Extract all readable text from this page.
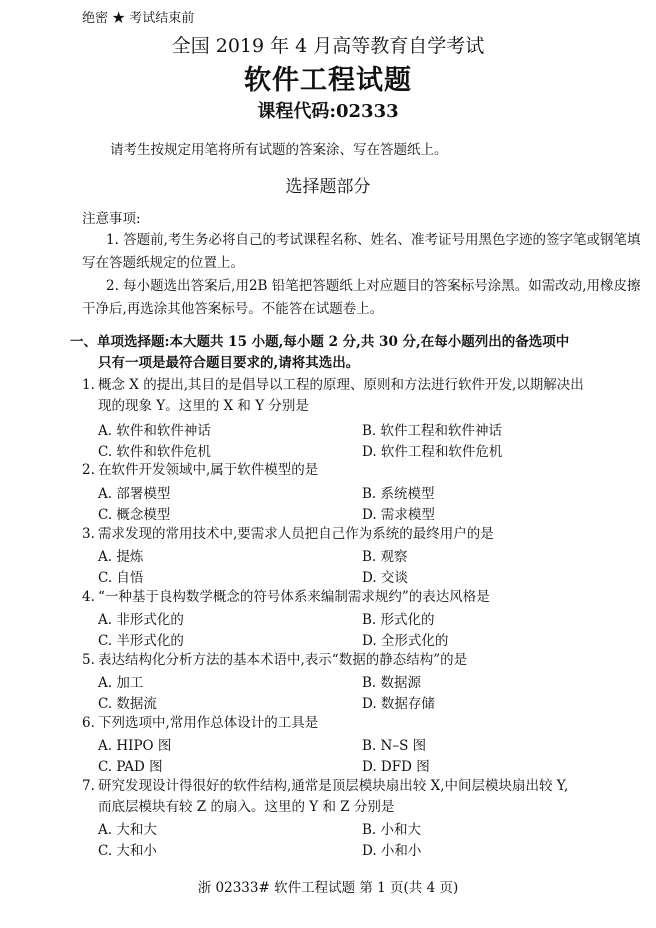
绝密 ★ 考试结束前
全国 2019 年 4 月高等教育自学考试
软件工程试题
课程代码:02333
请考生按规定用笔将所有试题的答案涂、写在答题纸上。
选择题部分
注意事项:
1. 答题前,考生务必将自己的考试课程名称、姓名、准考证号用黑色字迹的签字笔或钢笔填写在答题纸规定的位置上。
2. 每小题选出答案后,用2B 铅笔把答题纸上对应题目的答案标号涂黑。如需改动,用橡皮擦干净后,再选涂其他答案标号。不能答在试题卷上。
一、单项选择题:本大题共 15 小题,每小题 2 分,共 30 分,在每小题列出的备选项中
只有一项是最符合题目要求的,请将其选出。
1. 概念 X 的提出,其目的是倡导以工程的原理、原则和方法进行软件开发,以期解决出
现的现象 Y。这里的 X 和 Y 分别是
A. 软件和软件神话	B. 软件工程和软件神话
C. 软件和软件危机	D. 软件工程和软件危机
2. 在软件开发领域中,属于软件模型的是
A. 部署模型	B. 系统模型
C. 概念模型	D. 需求模型
3. 需求发现的常用技术中,要需求人员把自己作为系统的最终用户的是
A. 提炼	B. 观察
C. 自悟	D. 交谈
4. “一种基于良构数学概念的符号体系来编制需求规约”的表达风格是
A. 非形式化的	B. 形式化的
C. 半形式化的	D. 全形式化的
5. 表达结构化分析方法的基本术语中,表示“数据的静态结构”的是
A. 加工	B. 数据源
C. 数据流	D. 数据存储
6. 下列选项中,常用作总体设计的工具是
A. HIPO 图	B. N–S 图
C. PAD 图	D. DFD 图
7. 研究发现设计得很好的软件结构,通常是顶层模块扇出较 X,中间层模块扇出较 Y,
而底层模块有较 Z 的扇入。这里的 Y 和 Z 分别是
A. 大和大	B. 小和大
C. 大和小	D. 小和小
浙 02333# 软件工程试题 第 1 页(共 4 页)
